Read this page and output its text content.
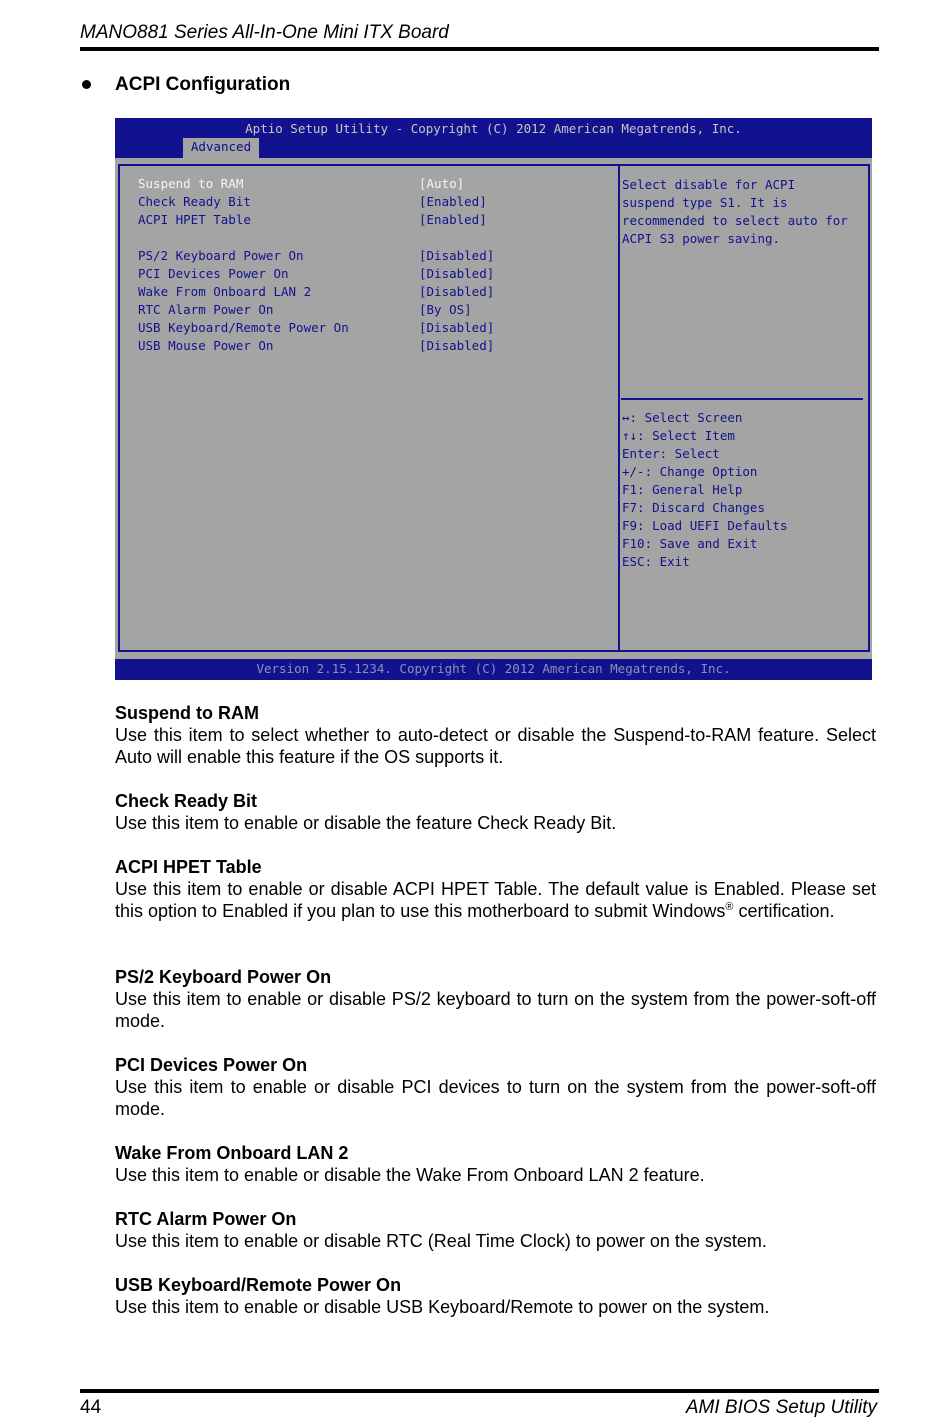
MANO881 Series All-In-One Mini ITX Board
ACPI Configuration
Aptio Setup Utility - Copyright (C) 2012 American Megatrends, Inc.
Advanced
Suspend to RAM	[Auto]
Check Ready Bit	[Enabled]
ACPI HPET Table	[Enabled]
PS/2 Keyboard Power On	[Disabled]
PCI Devices Power On	[Disabled]
Wake From Onboard LAN 2	[Disabled]
RTC Alarm Power On	[By OS]
USB Keyboard/Remote Power On	[Disabled]
USB Mouse Power On	[Disabled]
Select disable for ACPI
suspend type S1. It is
recommended to select auto for
ACPI S3 power saving.
↔: Select Screen
↑↓: Select Item
Enter: Select
+/-: Change Option
F1: General Help
F7: Discard Changes
F9: Load UEFI Defaults
F10: Save and Exit
ESC: Exit
Version 2.15.1234. Copyright (C) 2012 American Megatrends, Inc.
Suspend to RAM
Use this item to select whether to auto-detect or disable the Suspend-to-RAM feature. Select Auto will enable this feature if the OS supports it.
Check Ready Bit
Use this item to enable or disable the feature Check Ready Bit.
ACPI HPET Table
Use this item to enable or disable ACPI HPET Table. The default value is Enabled. Please set this option to Enabled if you plan to use this motherboard to submit Windows® certification.
PS/2 Keyboard Power On
Use this item to enable or disable PS/2 keyboard to turn on the system from the power-soft-off mode.
PCI Devices Power On
Use this item to enable or disable PCI devices to turn on the system from the power-soft-off mode.
Wake From Onboard LAN 2
Use this item to enable or disable the Wake From Onboard LAN 2 feature.
RTC Alarm Power On
Use this item to enable or disable RTC (Real Time Clock) to power on the system.
USB Keyboard/Remote Power On
Use this item to enable or disable USB Keyboard/Remote to power on the system.
44	AMI BIOS Setup Utility
